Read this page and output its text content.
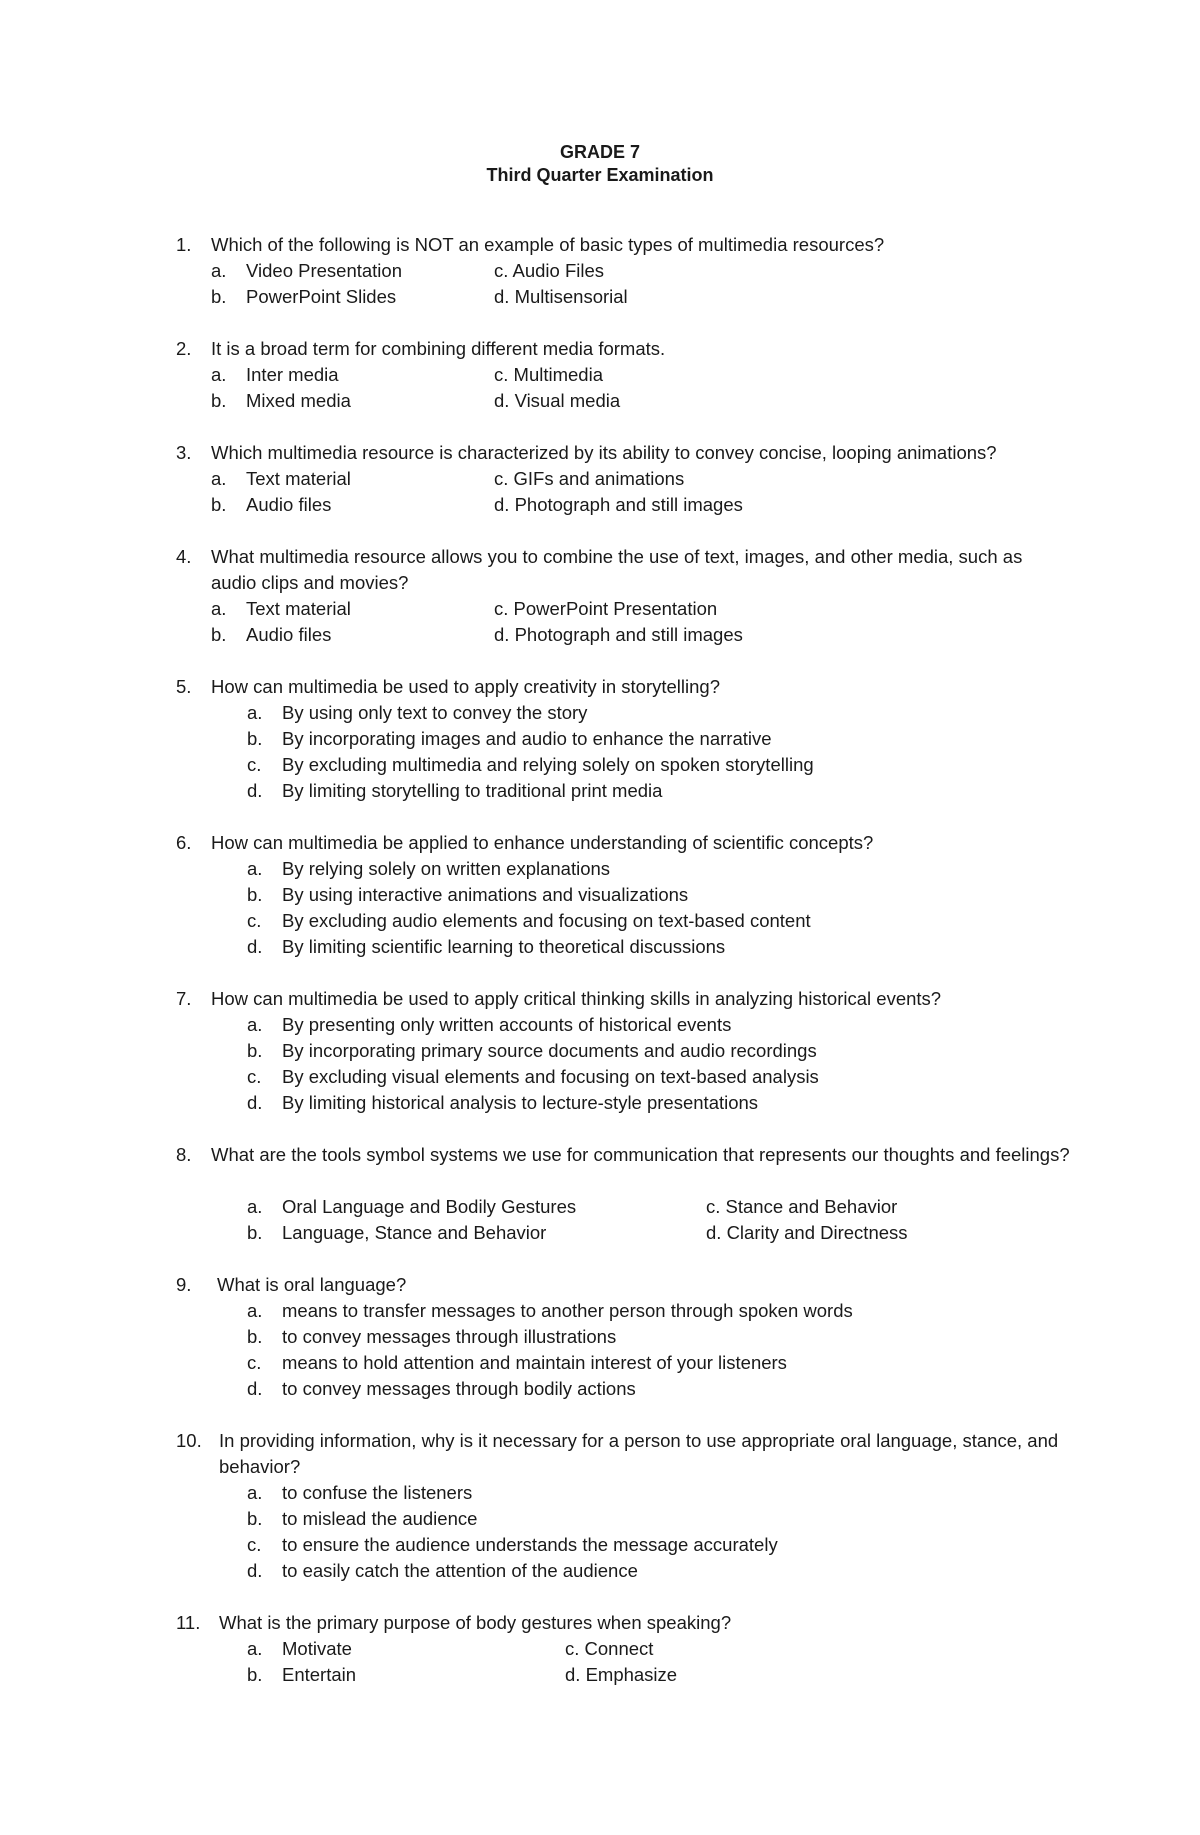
GRADE 7
Third Quarter Examination
1. Which of the following is NOT an example of basic types of multimedia resources?
a. Video Presentation
b. PowerPoint Slides
c. Audio Files
d. Multisensorial
2. It is a broad term for combining different media formats.
a. Inter media
b. Mixed media
c. Multimedia
d. Visual media
3. Which multimedia resource is characterized by its ability to convey concise, looping animations?
a. Text material
b. Audio files
c. GIFs and animations
d. Photograph and still images
4. What multimedia resource allows you to combine the use of text, images, and other media, such as audio clips and movies?
a. Text material
b. Audio files
c. PowerPoint Presentation
d. Photograph and still images
5. How can multimedia be used to apply creativity in storytelling?
a. By using only text to convey the story
b. By incorporating images and audio to enhance the narrative
c. By excluding multimedia and relying solely on spoken storytelling
d. By limiting storytelling to traditional print media
6. How can multimedia be applied to enhance understanding of scientific concepts?
a. By relying solely on written explanations
b. By using interactive animations and visualizations
c. By excluding audio elements and focusing on text-based content
d. By limiting scientific learning to theoretical discussions
7. How can multimedia be used to apply critical thinking skills in analyzing historical events?
a. By presenting only written accounts of historical events
b. By incorporating primary source documents and audio recordings
c. By excluding visual elements and focusing on text-based analysis
d. By limiting historical analysis to lecture-style presentations
8. What are the tools symbol systems we use for communication that represents our thoughts and feelings?
a. Oral Language and Bodily Gestures
b. Language, Stance and Behavior
c. Stance and Behavior
d. Clarity and Directness
9. What is oral language?
a. means to transfer messages to another person through spoken words
b. to convey messages through illustrations
c. means to hold attention and maintain interest of your listeners
d. to convey messages through bodily actions
10. In providing information, why is it necessary for a person to use appropriate oral language, stance, and behavior?
a. to confuse the listeners
b. to mislead the audience
c. to ensure the audience understands the message accurately
d. to easily catch the attention of the audience
11. What is the primary purpose of body gestures when speaking?
a. Motivate
b. Entertain
c. Connect
d. Emphasize
